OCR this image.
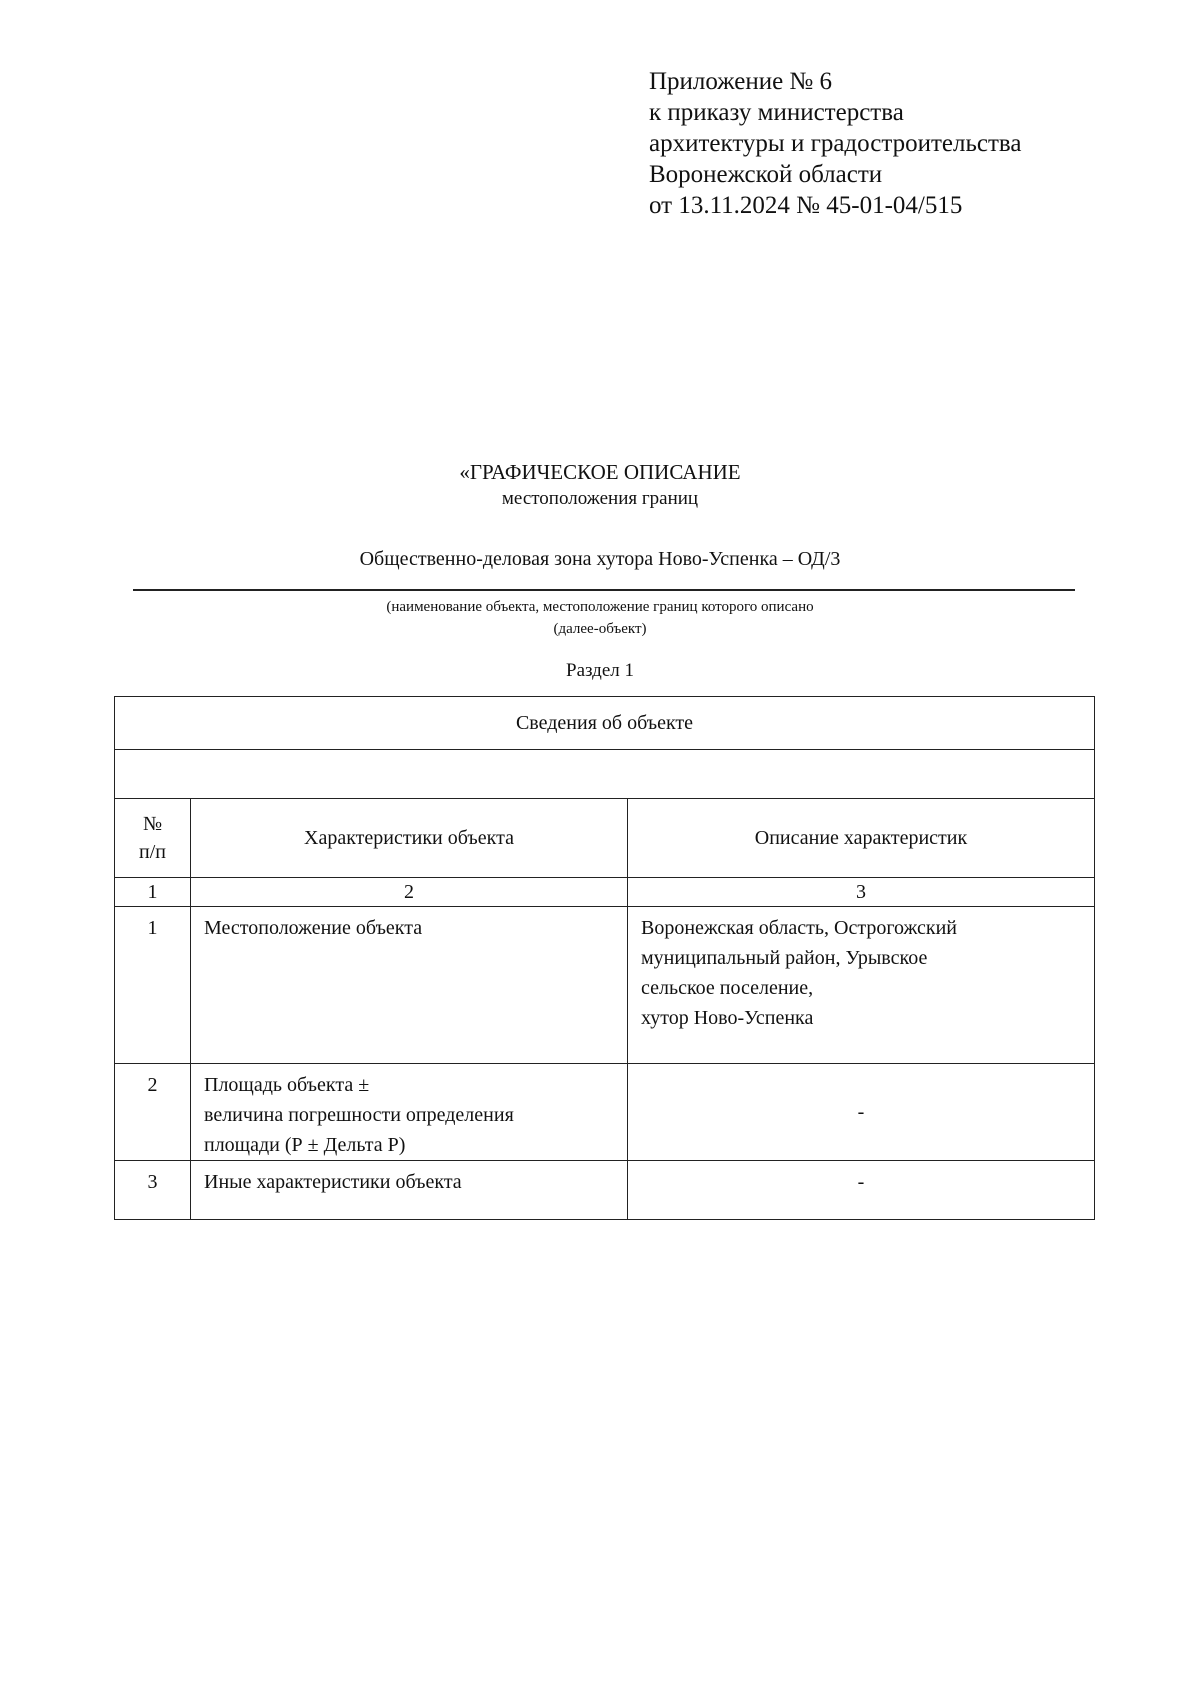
Приложение № 6
к приказу министерства
архитектуры и градостроительства
Воронежской области
от 13.11.2024 № 45-01-04/515
«ГРАФИЧЕСКОЕ ОПИСАНИЕ
местоположения границ
Общественно-деловая зона хутора Ново-Успенка – ОД/3
(наименование объекта, местоположение границ которого описано
(далее-объект)
Раздел 1
Сведения об объекте		

№
п/п	Характеристики объекта	Описание характеристик
1	2	3
1	Местоположение объекта	Воронежская область, Острогожский
муниципальный район, Урывское
сельское поселение,
хутор Ново-Успенка

2	Площадь объекта ±
величина погрешности определения
площади (Р ± Дельта Р)	-
3	Иные характеристики объекта	-
